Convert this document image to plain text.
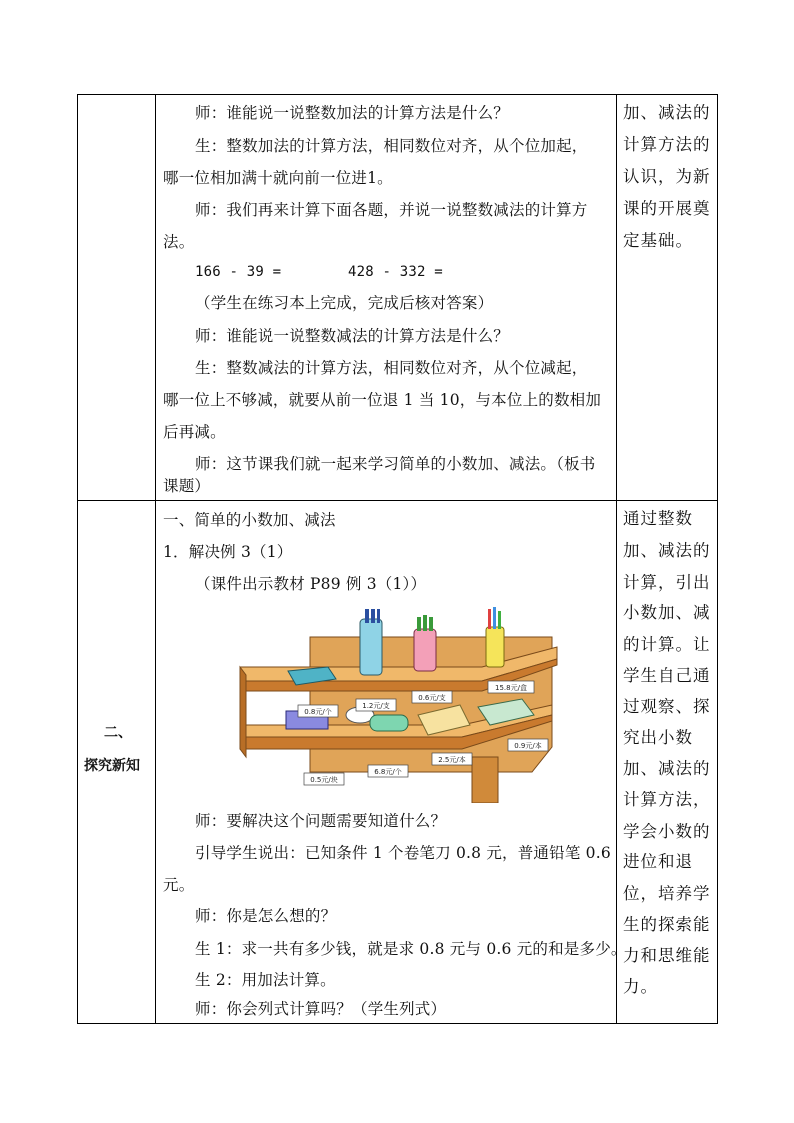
师：谁能说一说整数加法的计算方法是什么？
生：整数加法的计算方法，相同数位对齐，从个位加起，
哪一位相加满十就向前一位进1。
师：我们再来计算下面各题，并说一说整数减法的计算方
法。
166 - 39 =	428 - 332 =
（学生在练习本上完成，完成后核对答案）
师：谁能说一说整数减法的计算方法是什么？
生：整数减法的计算方法，相同数位对齐，从个位减起，
哪一位上不够减，就要从前一位退 1 当 10，与本位上的数相加
后再减。
师：这节课我们就一起来学习简单的小数加、减法。（板书
课题）
加、减法的
计算方法的
认识，为新
课的开展奠
定基础。
二、
探究新知
一、简单的小数加、减法
1．解决例 3（1）
（课件出示教材 P89 例 3（1））
0.8元/个
1.2元/支
0.6元/支
15.8元/盒
0.5元/块
6.8元/个
2.5元/本
0.9元/本
师：要解决这个问题需要知道什么？
引导学生说出：已知条件 1 个卷笔刀 0.8 元，普通铅笔 0.6
元。
师：你是怎么想的？
生 1：求一共有多少钱，就是求 0.8 元与 0.6 元的和是多少。
生 2：用加法计算。
师：你会列式计算吗？（学生列式）
通过整数
加、减法的
计算，引出
小数加、减
的计算。让
学生自己通
过观察、探
究出小数
加、减法的
计算方法，
学会小数的
进位和退
位，培养学
生的探索能
力和思维能
力。
